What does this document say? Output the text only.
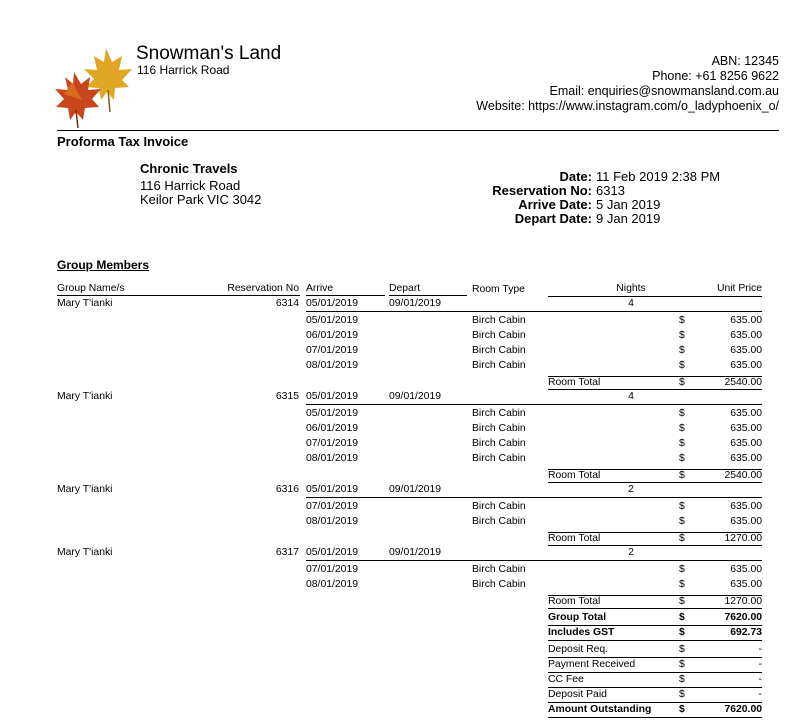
Snowman's Land
116 Harrick Road
ABN: 12345
Phone: +61 8256 9622
Email: enquiries@snowmansland.com.au
Website: https://www.instagram.com/o_ladyphoenix_o/
Proforma Tax Invoice
Chronic Travels
116 Harrick Road
Keilor Park VIC 3042
Date: 11 Feb 2019 2:38 PM
Reservation No: 6313
Arrive Date: 5 Jan 2019
Depart Date: 9 Jan 2019
Group Members
Group Name/s	Reservation No Arrive	Depart	Room Type	Nights	Unit Price
Mary T'ianki	6314 05/01/2019	09/01/2019	4
05/01/2019	Birch Cabin	$	635.00
06/01/2019	Birch Cabin	$	635.00
07/01/2019	Birch Cabin	$	635.00
08/01/2019	Birch Cabin	$	635.00
Room Total	$	2540.00
Mary T'ianki	6315 05/01/2019	09/01/2019	4
05/01/2019	Birch Cabin	$	635.00
06/01/2019	Birch Cabin	$	635.00
07/01/2019	Birch Cabin	$	635.00
08/01/2019	Birch Cabin	$	635.00
Room Total	$	2540.00
Mary T'ianki	6316 05/01/2019	09/01/2019	2
07/01/2019	Birch Cabin	$	635.00
08/01/2019	Birch Cabin	$	635.00
Room Total	$	1270.00
Mary T'ianki	6317 05/01/2019	09/01/2019	2
07/01/2019	Birch Cabin	$	635.00
08/01/2019	Birch Cabin	$	635.00
Room Total	$	1270.00
Group Total	$	7620.00
Includes GST	$	692.73
Deposit Req.	$	-
Payment Received	$	-
CC Fee	$	-
Deposit Paid	$	-
Amount Outstanding	$	7620.00
